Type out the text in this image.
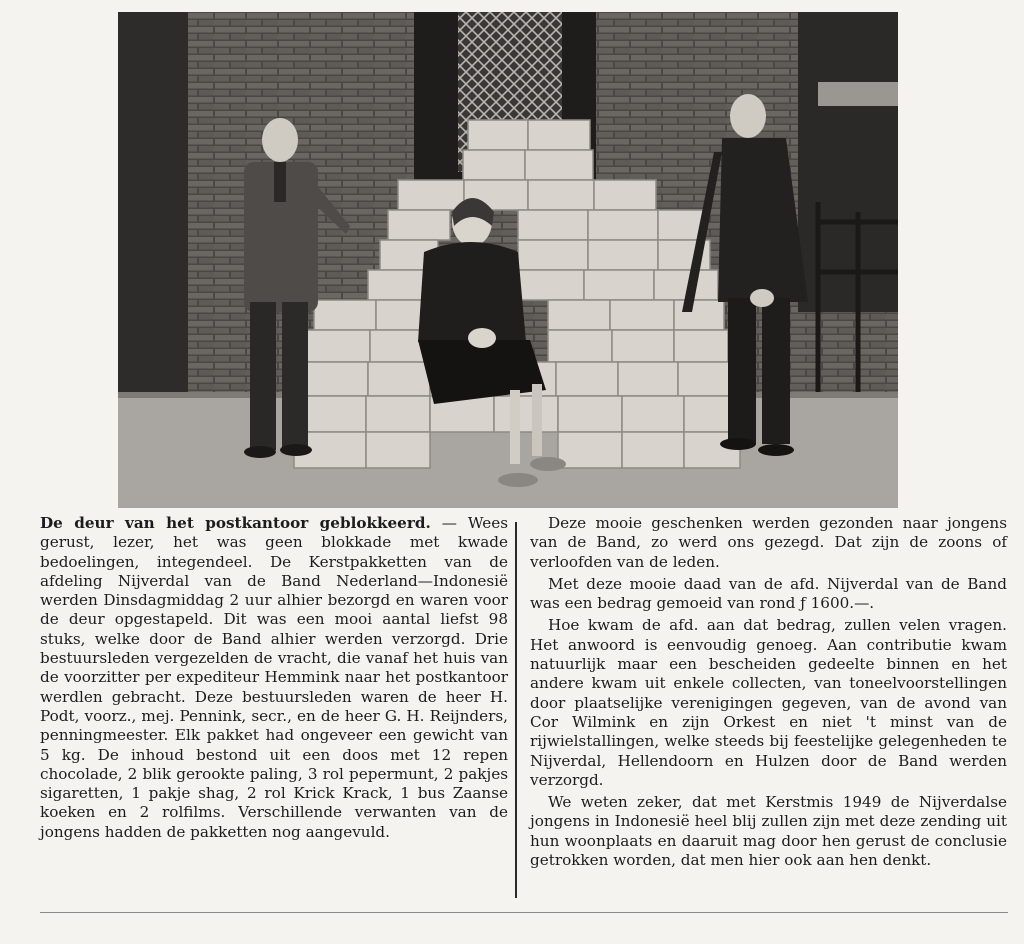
De deur van het postkantoor geblokkeerd. — Wees gerust, lezer, het was geen blokkade met kwade bedoelingen, integendeel. De Kerstpakketten van de afdeling Nijverdal van de Band Nederland—Indonesië werden Dinsdagmiddag 2 uur alhier bezorgd en waren voor de deur opgestapeld. Dit was een mooi aantal liefst 98 stuks, welke door de Band alhier werden verzorgd. Drie bestuursleden vergezelden de vracht, die vanaf het huis van de voorzitter per expediteur Hemmink naar het postkantoor werdlen gebracht. Deze bestuursleden waren de heer H. Podt, voorz., mej. Pennink, secr., en de heer G. H. Reijnders, penningmeester. Elk pakket had ongeveer een gewicht van 5 kg. De inhoud bestond uit een doos met 12 repen chocolade, 2 blik gerookte paling, 3 rol pepermunt, 2 pakjes sigaretten, 1 pakje shag, 2 rol Krick Krack, 1 bus Zaanse koeken en 2 rolfilms. Verschillende verwanten van de jongens hadden de pakketten nog aangevuld.

Deze mooie geschenken werden gezonden naar jongens van de Band, zo werd ons gezegd. Dat zijn de zoons of verloofden van de leden.

Met deze mooie daad van de afd. Nijverdal van de Band was een bedrag gemoeid van rond ƒ 1600.—.

Hoe kwam de afd. aan dat bedrag, zullen velen vragen. Het anwoord is eenvoudig genoeg. Aan contributie kwam natuurlijk maar een bescheiden gedeelte binnen en het andere kwam uit enkele collecten, van toneelvoorstellingen door plaatselijke verenigingen gegeven, van de avond van Cor Wilmink en zijn Orkest en niet 't minst van de rijwielstallingen, welke steeds bij feestelijke gelegenheden te Nijverdal, Hellendoorn en Hulzen door de Band werden verzorgd.

We weten zeker, dat met Kerstmis 1949 de Nijverdalse jongens in Indonesië heel blij zullen zijn met deze zending uit hun woonplaats en daaruit mag door hen gerust de conclusie getrokken worden, dat men hier ook aan hen denkt.
